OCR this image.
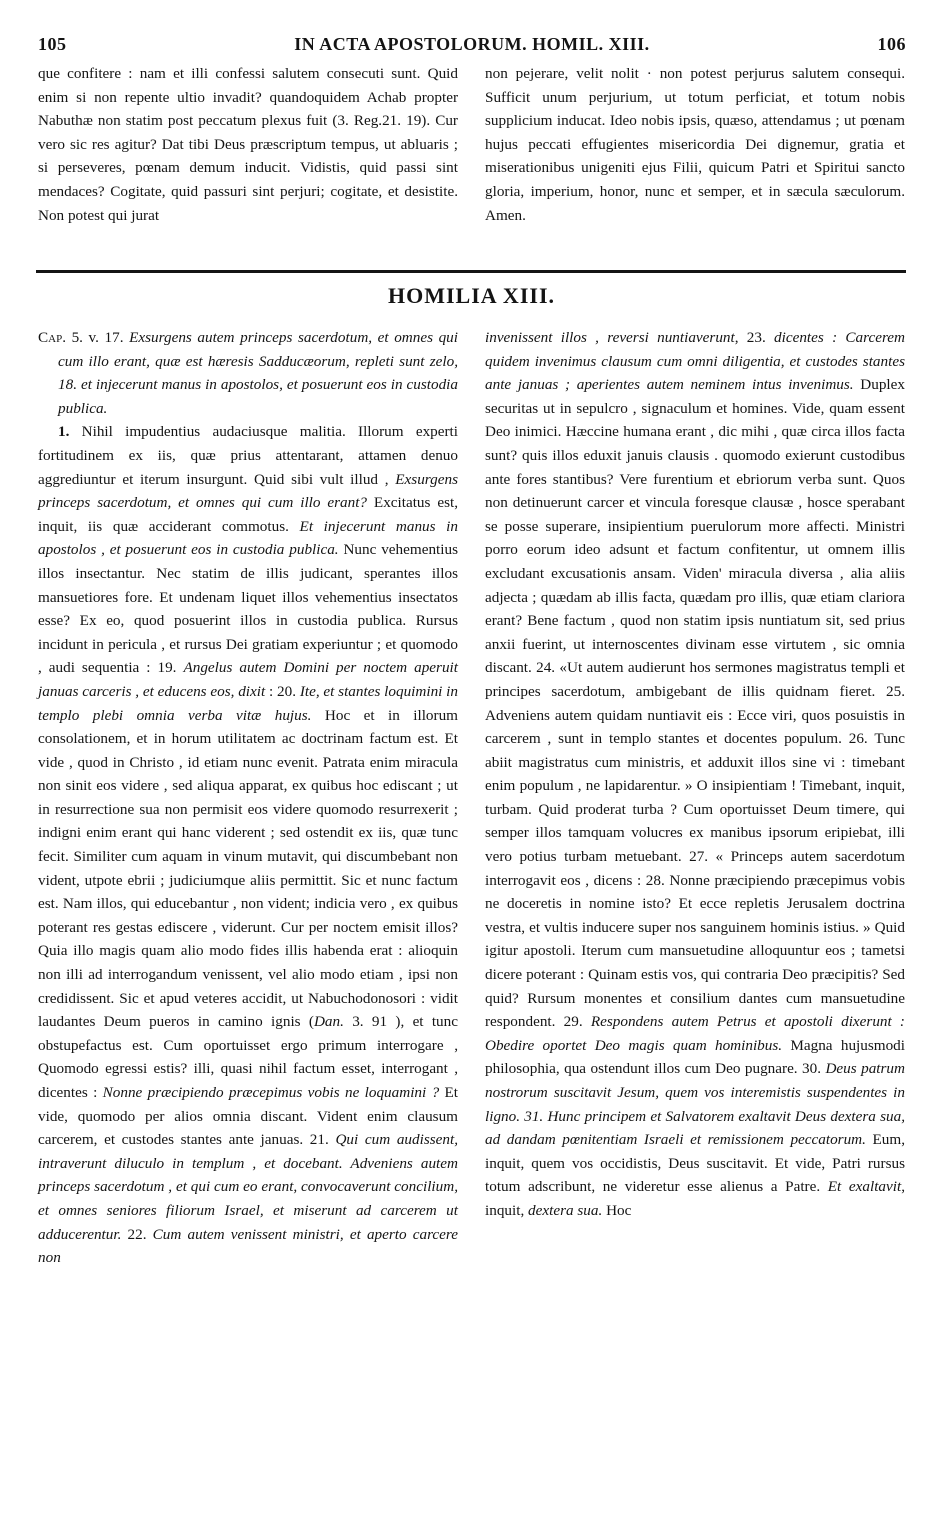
105	IN ACTA APOSTOLORUM. HOMIL. XIII.	106

que confitere : nam et illi confessi salutem consecuti sunt. Quid enim si non repente ultio invadit? quandoquidem Achab propter Nabuthæ non statim post peccatum plexus fuit (3. Reg.21. 19). Cur vero sic res agitur? Dat tibi Deus præscriptum tempus, ut abluaris ; si perseveres, pœnam demum inducit. Vidistis, quid passi sint mendaces? Cogitate, quid passuri sint perjuri; cogitate, et desistite. Non potest qui jurat

non pejerare, velit nolit · non potest perjurus salutem consequi. Sufficit unum perjurium, ut totum perficiat, et totum nobis supplicium inducat. Ideo nobis ipsis, quæso, attendamus ; ut pœnam hujus peccati effugientes misericordia Dei dignemur, gratia et miserationibus unigeniti ejus Filii, quicum Patri et Spiritui sancto gloria, imperium, honor, nunc et semper, et in sæcula sæculorum. Amen.

HOMILIA XIII.

Cap. 5. v. 17. Exsurgens autem princeps sacerdotum, et omnes qui cum illo erant, quæ est hæresis Sadducæorum, repleti sunt zelo, 18. et injecerunt manus in apostolos, et posuerunt eos in custodia publica.

1. Nihil impudentius audaciusque malitia. Illorum experti fortitudinem ex iis, quæ prius attentarant, attamen denuo aggrediuntur et iterum insurgunt. Quid sibi vult illud , Exsurgens princeps sacerdotum, et omnes qui cum illo erant? Excitatus est, inquit, iis quæ acciderant commotus. Et injecerunt manus in apostolos , et posuerunt eos in custodia publica. Nunc vehementius illos insectantur. Nec statim de illis judicant, sperantes illos mansuetiores fore. Et undenam liquet illos vehementius insectatos esse? Ex eo, quod posuerint illos in custodia publica. Rursus incidunt in pericula , et rursus Dei gratiam experiuntur ; et quomodo , audi sequentia : 19. Angelus autem Domini per noctem aperuit januas carceris , et educens eos, dixit : 20. Ite, et stantes loquimini in templo plebi omnia verba vitæ hujus. Hoc et in illorum consolationem, et in horum utilitatem ac doctrinam factum est. Et vide , quod in Christo , id etiam nunc evenit. Patrata enim miracula non sinit eos videre , sed aliqua apparat, ex quibus hoc ediscant ; ut in resurrectione sua non permisit eos videre quomodo resurrexerit ; indigni enim erant qui hanc viderent ; sed ostendit ex iis, quæ tunc fecit. Similiter cum aquam in vinum mutavit, qui discumbebant non vident, utpote ebrii ; judiciumque aliis permittit. Sic et nunc factum est. Nam illos, qui educebantur , non vident; indicia vero , ex quibus poterant res gestas ediscere , viderunt. Cur per noctem emisit illos? Quia illo magis quam alio modo fides illis habenda erat : alioquin non illi ad interrogandum venissent, vel alio modo etiam , ipsi non credidissent. Sic et apud veteres accidit, ut Nabuchodonosori : vidit laudantes Deum pueros in camino ignis (Dan. 3. 91 ), et tunc obstupefactus est. Cum oportuisset ergo primum interrogare , Quomodo egressi estis? illi, quasi nihil factum esset, interrogant , dicentes : Nonne præcipiendo præcepimus vobis ne loquamini ? Et vide, quomodo per alios omnia discant. Vident enim clausum carcerem, et custodes stantes ante januas. 21. Qui cum audissent, intraverunt diluculo in templum , et docebant. Adveniens autem princeps sacerdotum , et qui cum eo erant, convocaverunt concilium, et omnes seniores filiorum Israel, et miserunt ad carcerem ut adducerentur. 22. Cum autem venissent ministri, et aperto carcere non

invenissent illos , reversi nuntiaverunt, 23. dicentes : Carcerem quidem invenimus clausum cum omni diligentia, et custodes stantes ante januas ; aperientes autem neminem intus invenimus. Duplex securitas ut in sepulcro , signaculum et homines. Vide, quam essent Deo inimici. Hæccine humana erant , dic mihi , quæ circa illos facta sunt? quis illos eduxit januis clausis . quomodo exierunt custodibus ante fores stantibus? Vere furentium et ebriorum verba sunt. Quos non detinuerunt carcer et vincula foresque clausæ , hosce sperabant se posse superare, insipientium puerulorum more affecti. Ministri porro eorum ideo adsunt et factum confitentur, ut omnem illis excludant excusationis ansam. Viden' miracula diversa , alia aliis adjecta ; quædam ab illis facta, quædam pro illis, quæ etiam clariora erant? Bene factum , quod non statim ipsis nuntiatum sit, sed prius anxii fuerint, ut internoscentes divinam esse virtutem , sic omnia discant. 24. «Ut autem audierunt hos sermones magistratus templi et principes sacerdotum, ambigebant de illis quidnam fieret. 25. Adveniens autem quidam nuntiavit eis : Ecce viri, quos posuistis in carcerem , sunt in templo stantes et docentes populum. 26. Tunc abiit magistratus cum ministris, et adduxit illos sine vi : timebant enim populum , ne lapidarentur. » O insipientiam ! Timebant, inquit, turbam. Quid proderat turba ? Cum oportuisset Deum timere, qui semper illos tamquam volucres ex manibus ipsorum eripiebat, illi vero potius turbam metuebant. 27. « Princeps autem sacerdotum interrogavit eos , dicens : 28. Nonne præcipiendo præcepimus vobis ne doceretis in nomine isto? Et ecce repletis Jerusalem doctrina vestra, et vultis inducere super nos sanguinem hominis istius. » Quid igitur apostoli. Iterum cum mansuetudine alloquuntur eos ; tametsi dicere poterant : Quinam estis vos, qui contraria Deo præcipitis? Sed quid? Rursum monentes et consilium dantes cum mansuetudine respondent. 29. Respondens autem Petrus et apostoli dixerunt : Obedire oportet Deo magis quam hominibus. Magna hujusmodi philosophia, qua ostendunt illos cum Deo pugnare. 30. Deus patrum nostrorum suscitavit Jesum, quem vos interemistis suspendentes in ligno. 31. Hunc principem et Salvatorem exaltavit Deus dextera sua, ad dandam pœnitentiam Israeli et remissionem peccatorum. Eum, inquit, quem vos occidistis, Deus suscitavit. Et vide, Patri rursus totum adscribunt, ne videretur esse alienus a Patre. Et exaltavit, inquit, dextera sua. Hoc
